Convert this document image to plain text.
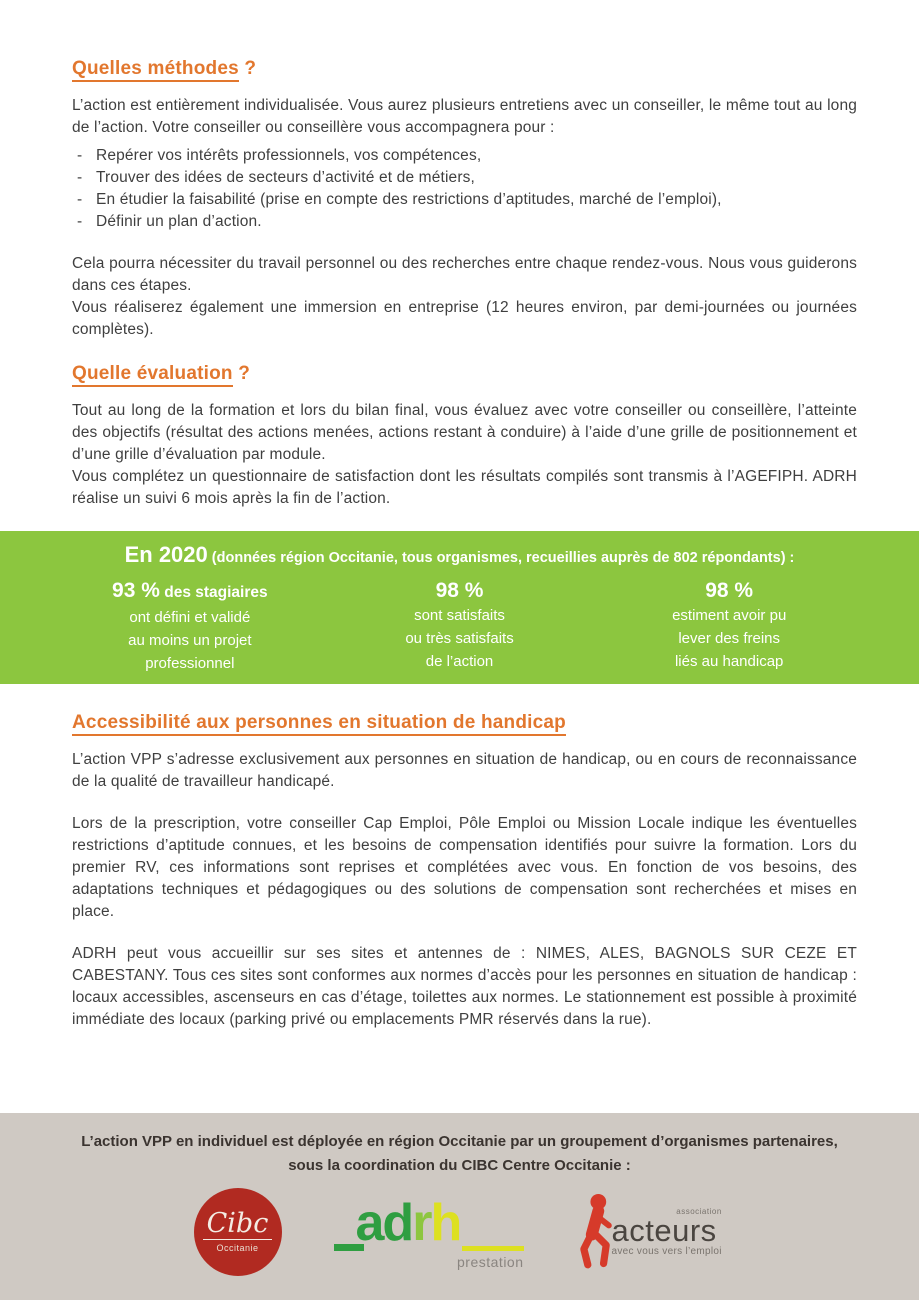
Quelles méthodes ?

L’action est entièrement individualisée. Vous aurez plusieurs entretiens avec un conseiller, le même tout au long de l’action. Votre conseiller ou conseillère vous accompagnera pour :

- Repérer vos intérêts professionnels, vos compétences,
- Trouver des idées de secteurs d’activité et de métiers,
- En étudier la faisabilité (prise en compte des restrictions d’aptitudes, marché de l’emploi),
- Définir un plan d’action.

Cela pourra nécessiter du travail personnel ou des recherches entre chaque rendez-vous. Nous vous guiderons dans ces étapes.

Vous réaliserez également une immersion en entreprise (12 heures environ, par demi-journées ou journées complètes).

Quelle évaluation ?

Tout au long de la formation et lors du bilan final, vous évaluez avec votre conseiller ou conseillère, l’atteinte des objectifs (résultat des actions menées, actions restant à conduire) à l’aide d’une grille de positionnement et d’une grille d’évaluation par module.

Vous complétez un questionnaire de satisfaction dont les résultats compilés sont transmis à l’AGEFIPH. ADRH réalise un suivi 6 mois après la fin de l’action.

En 2020 (données région Occitanie, tous organismes, recueillies auprès de 802 répondants) :
93 % des stagiaires
ont défini et validé
au moins un projet
professionnel
98 %
sont satisfaits
ou très satisfaits
de l’action
98 %
estiment avoir pu
lever des freins
liés au handicap
Accessibilité aux personnes en situation de handicap

L’action VPP s’adresse exclusivement aux personnes en situation de handicap, ou en cours de reconnaissance de la qualité de travailleur handicapé.

Lors de la prescription, votre conseiller Cap Emploi, Pôle Emploi ou Mission Locale indique les éventuelles restrictions d’aptitude connues, et les besoins de compensation identifiés pour suivre la formation. Lors du premier RV, ces informations sont reprises et complétées avec vous. En fonction de vos besoins, des adaptations techniques et pédagogiques ou des solutions de compensation sont recherchées et mises en place.

ADRH peut vous accueillir sur ses sites et antennes de : NIMES, ALES, BAGNOLS SUR CEZE ET CABESTANY. Tous ces sites sont conformes aux normes d’accès pour les personnes en situation de handicap : locaux accessibles, ascenseurs en cas d’étage, toilettes aux normes. Le stationnement est possible à proximité immédiate des locaux (parking privé ou emplacements PMR réservés dans la rue).

L’action VPP en individuel est déployée en région Occitanie par un groupement d’organismes partenaires,
sous la coordination du CIBC Centre Occitanie :
Cibc
Occitanie adrh
prestation
association
acteurs
avec vous vers l’emploi
